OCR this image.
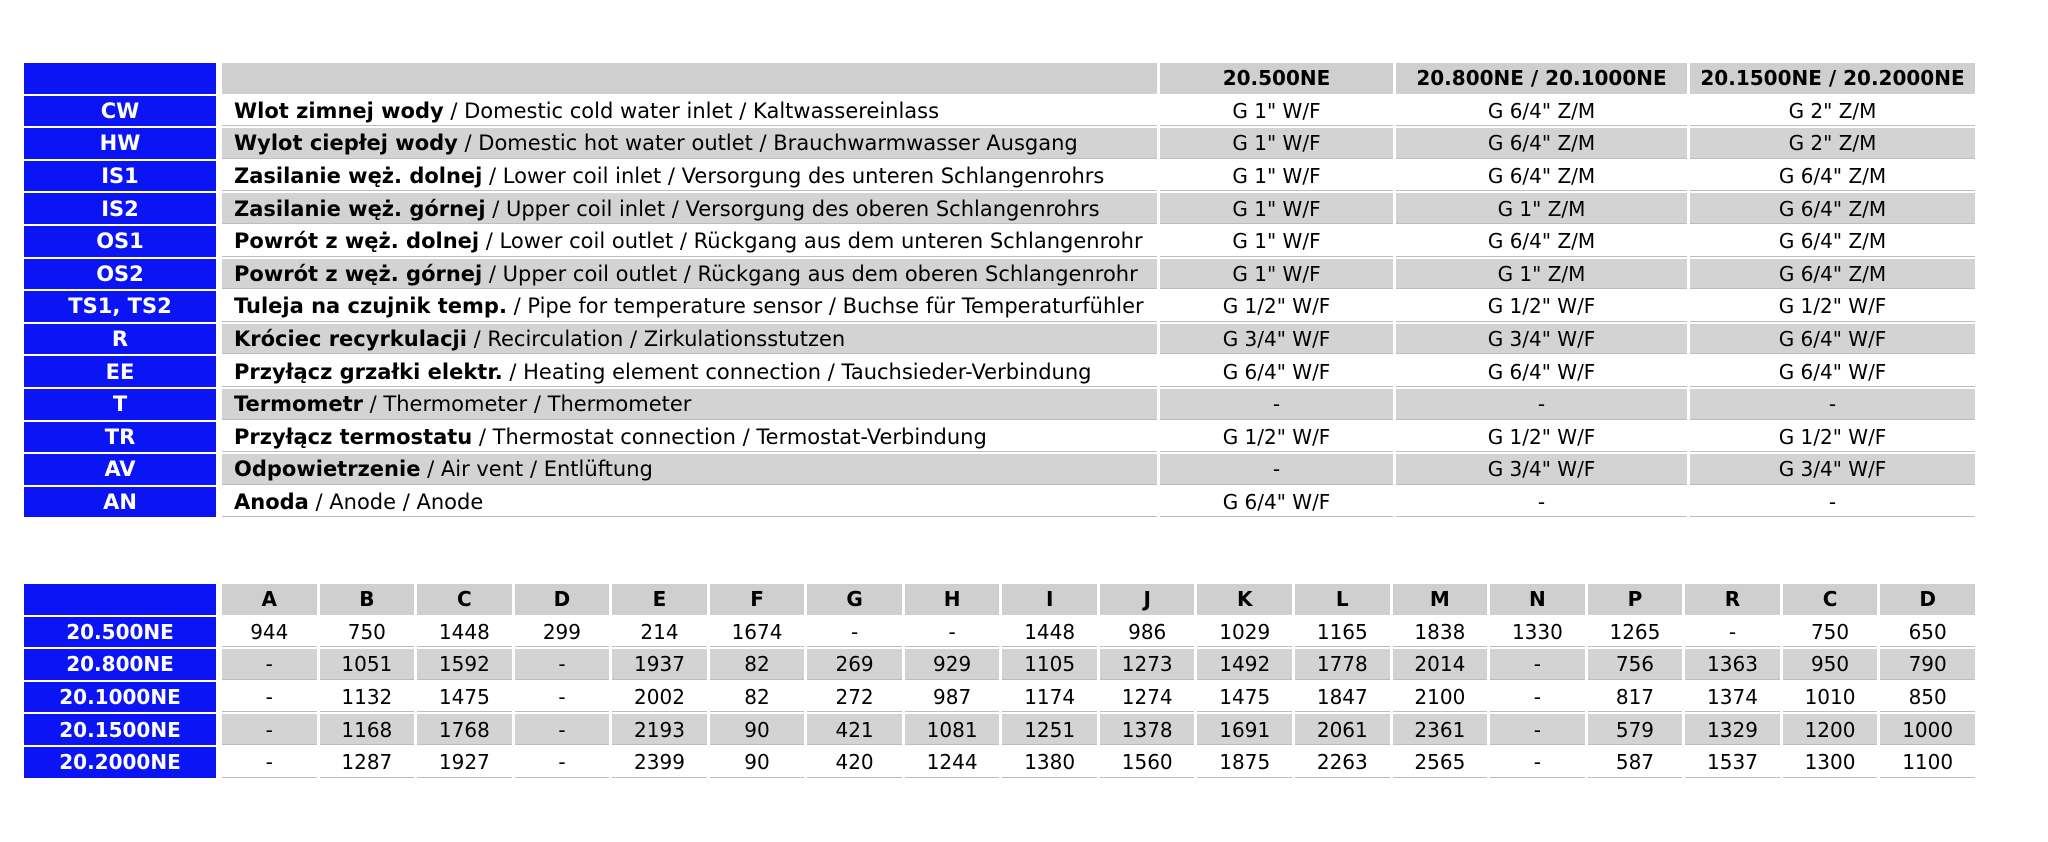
		20.500NE	20.800NE / 20.1000NE	20.1500NE / 20.2000NE
CW	Wlot zimnej wody / Domestic cold water inlet / Kaltwassereinlass	G 1" W/F	G 6/4" Z/M	G 2" Z/M
HW	Wylot ciepłej wody / Domestic hot water outlet / Brauchwarmwasser Ausgang	G 1" W/F	G 6/4" Z/M	G 2" Z/M
IS1	Zasilanie węż. dolnej / Lower coil inlet / Versorgung des unteren Schlangenrohrs	G 1" W/F	G 6/4" Z/M	G 6/4" Z/M
IS2	Zasilanie węż. górnej / Upper coil inlet / Versorgung des oberen Schlangenrohrs	G 1" W/F	G 1" Z/M	G 6/4" Z/M
OS1	Powrót z węż. dolnej / Lower coil outlet / Rückgang aus dem unteren Schlangenrohr	G 1" W/F	G 6/4" Z/M	G 6/4" Z/M
OS2	Powrót z węż. górnej / Upper coil outlet / Rückgang aus dem oberen Schlangenrohr	G 1" W/F	G 1" Z/M	G 6/4" Z/M
TS1, TS2	Tuleja na czujnik temp. / Pipe for temperature sensor / Buchse für Temperaturfühler	G 1/2" W/F	G 1/2" W/F	G 1/2" W/F
R	Króciec recyrkulacji / Recirculation / Zirkulationsstutzen	G 3/4" W/F	G 3/4" W/F	G 6/4" W/F
EE	Przyłącz grzałki elektr. / Heating element connection / Tauchsieder-Verbindung	G 6/4" W/F	G 6/4" W/F	G 6/4" W/F
T	Termometr / Thermometer / Thermometer	-	-	-
TR	Przyłącz termostatu / Thermostat connection / Termostat-Verbindung	G 1/2" W/F	G 1/2" W/F	G 1/2" W/F
AV	Odpowietrzenie / Air vent / Entlüftung	-	G 3/4" W/F	G 3/4" W/F
AN	Anoda / Anode / Anode	G 6/4" W/F	-	-
	A	B	C	D	E	F	G	H	I	J	K	L	M	N	P	R	C	D
20.500NE	944	750	1448	299	214	1674	-	-	1448	986	1029	1165	1838	1330	1265	-	750	650
20.800NE	-	1051	1592	-	1937	82	269	929	1105	1273	1492	1778	2014	-	756	1363	950	790
20.1000NE	-	1132	1475	-	2002	82	272	987	1174	1274	1475	1847	2100	-	817	1374	1010	850
20.1500NE	-	1168	1768	-	2193	90	421	1081	1251	1378	1691	2061	2361	-	579	1329	1200	1000
20.2000NE	-	1287	1927	-	2399	90	420	1244	1380	1560	1875	2263	2565	-	587	1537	1300	1100
